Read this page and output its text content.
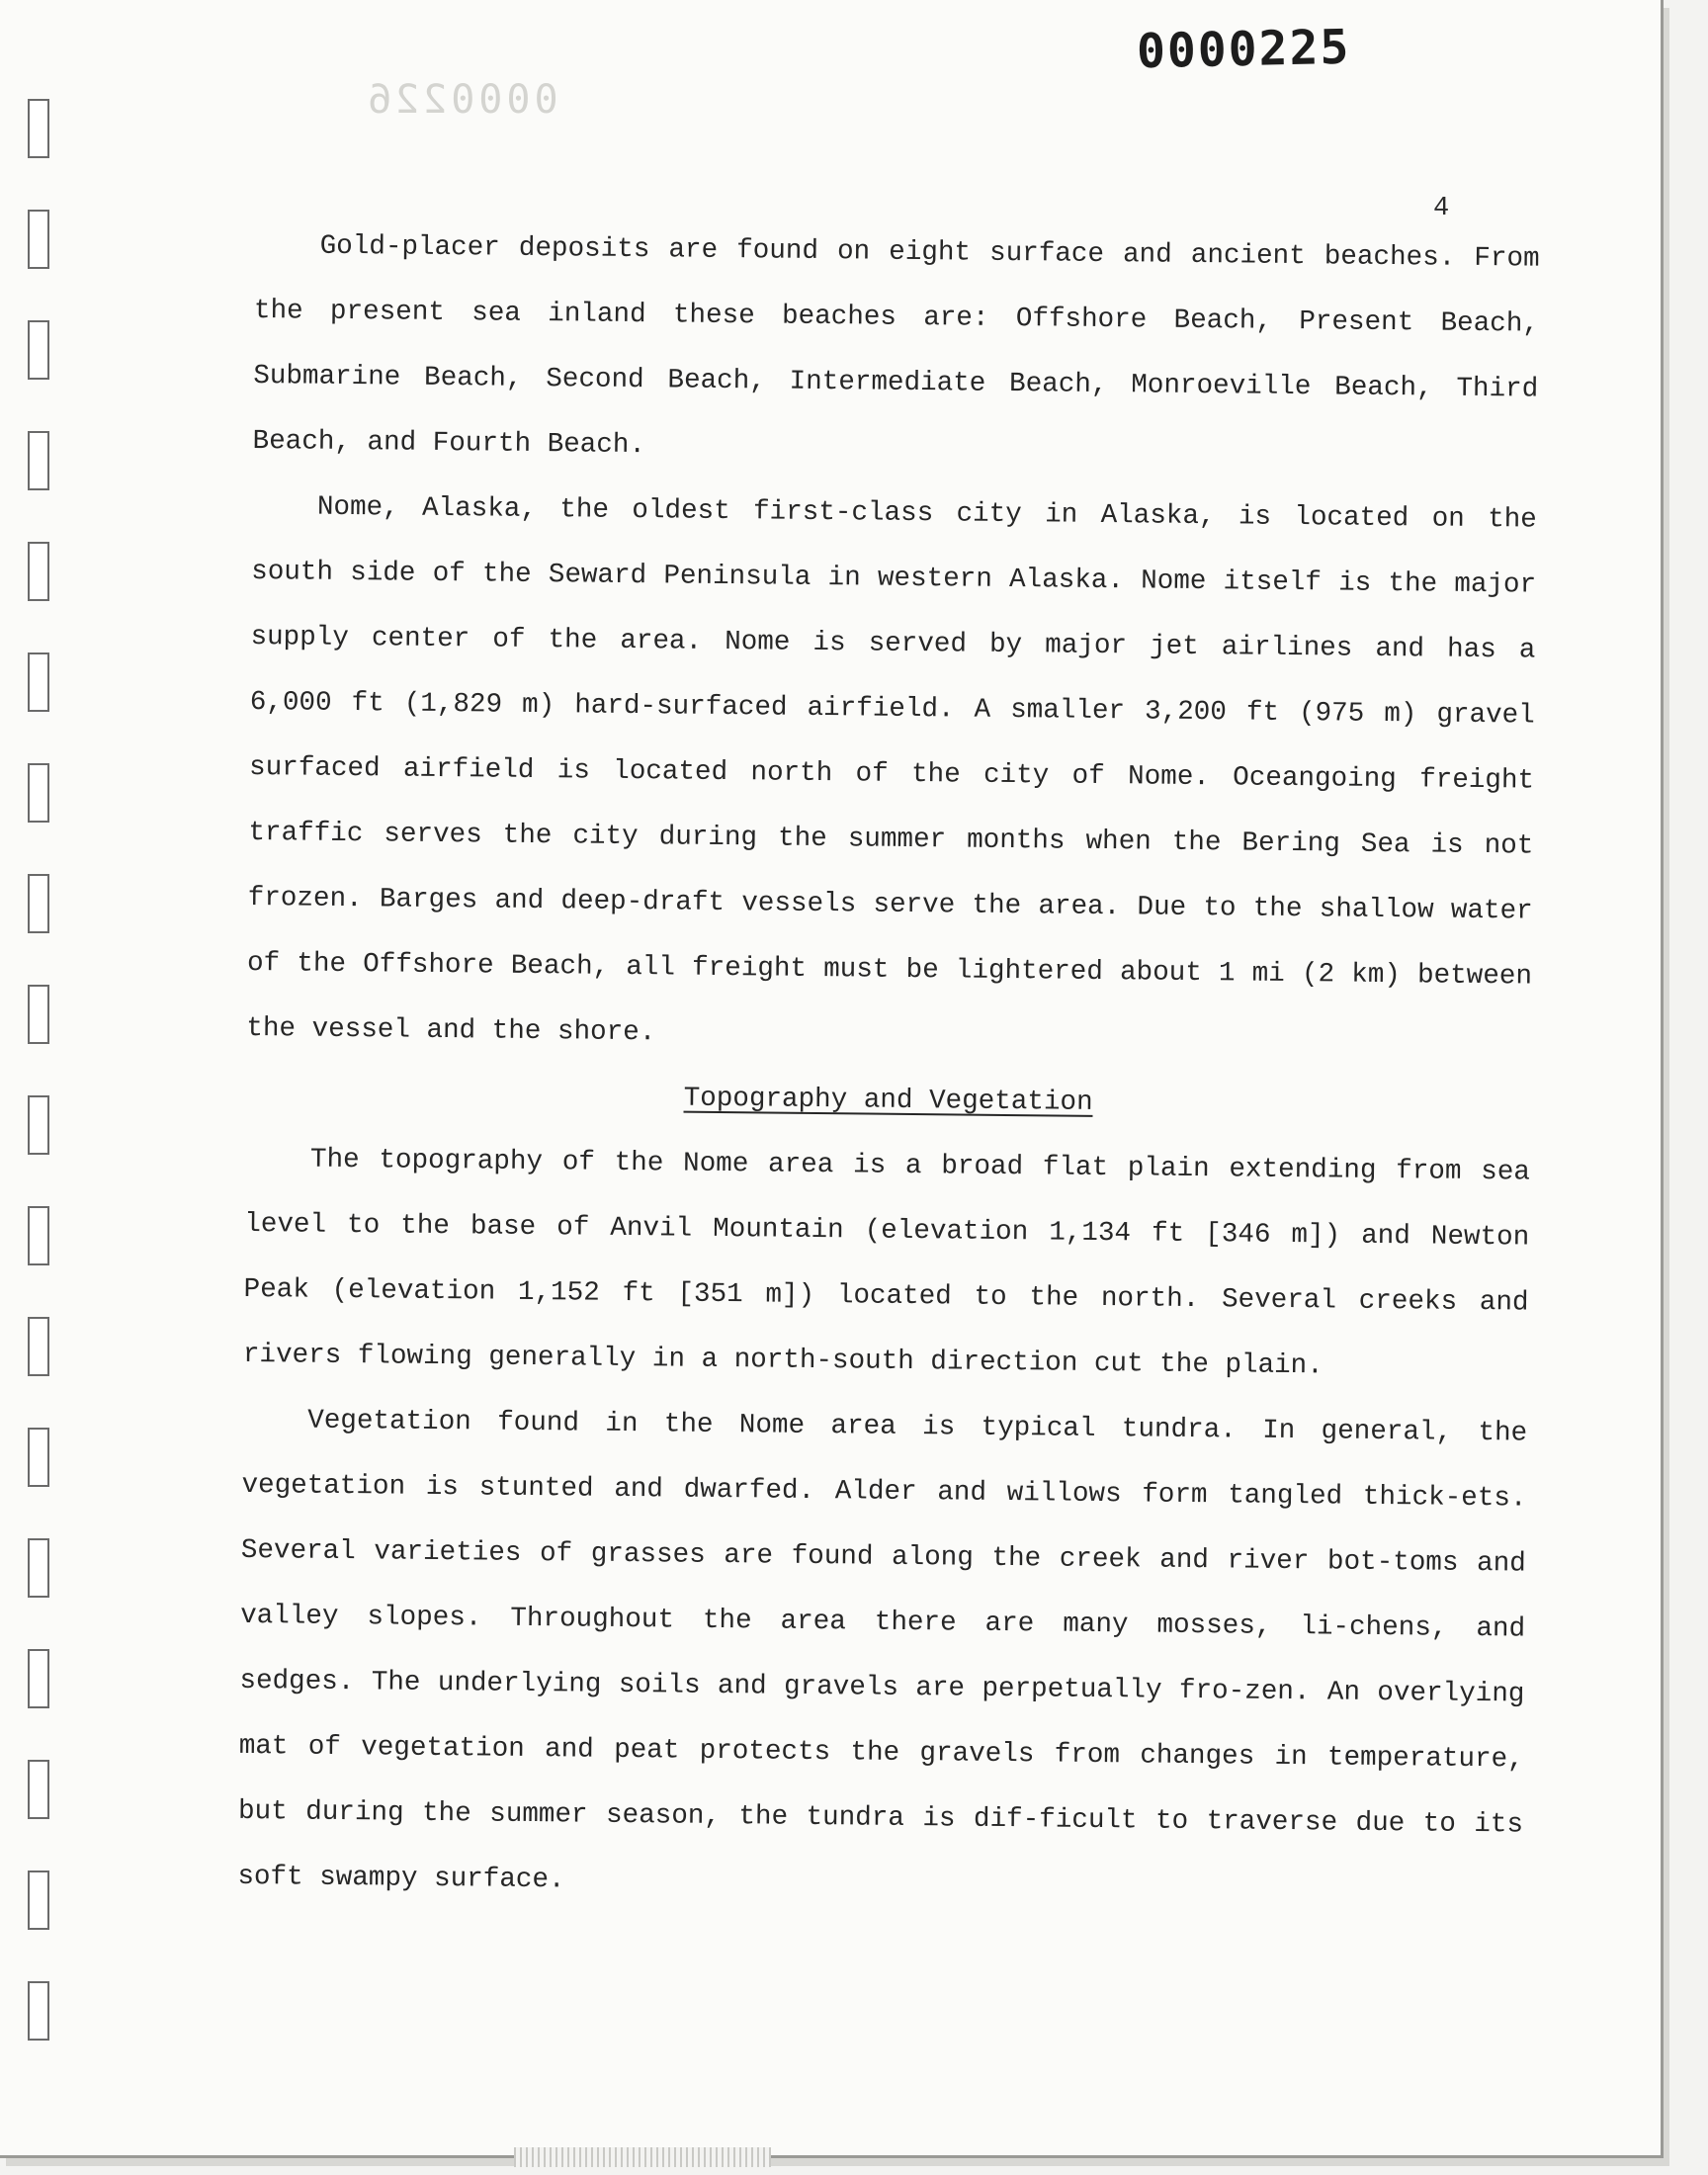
0000226
0000225
4

Gold-placer deposits are found on eight surface and ancient beaches. From the present sea inland these beaches are: Offshore Beach, Present Beach, Submarine Beach, Second Beach, Intermediate Beach, Monroeville Beach, Third Beach, and Fourth Beach.

Nome, Alaska, the oldest first-class city in Alaska, is located on the south side of the Seward Peninsula in western Alaska. Nome itself is the major supply center of the area. Nome is served by major jet airlines and has a 6,000 ft (1,829 m) hard-surfaced airfield. A smaller 3,200 ft (975 m) gravel surfaced airfield is located north of the city of Nome. Oceangoing freight traffic serves the city during the summer months when the Bering Sea is not frozen. Barges and deep-draft vessels serve the area. Due to the shallow water of the Offshore Beach, all freight must be lightered about 1 mi (2 km) between the vessel and the shore.

Topography and Vegetation

The topography of the Nome area is a broad flat plain extending from sea level to the base of Anvil Mountain (elevation 1,134 ft [346 m]) and Newton Peak (elevation 1,152 ft [351 m]) located to the north. Several creeks and rivers flowing generally in a north-south direction cut the plain.

Vegetation found in the Nome area is typical tundra. In general, the vegetation is stunted and dwarfed. Alder and willows form tangled thick-ets. Several varieties of grasses are found along the creek and river bot-toms and valley slopes. Throughout the area there are many mosses, li-chens, and sedges. The underlying soils and gravels are perpetually fro-zen. An overlying mat of vegetation and peat protects the gravels from changes in temperature, but during the summer season, the tundra is dif-ficult to traverse due to its soft swampy surface.
